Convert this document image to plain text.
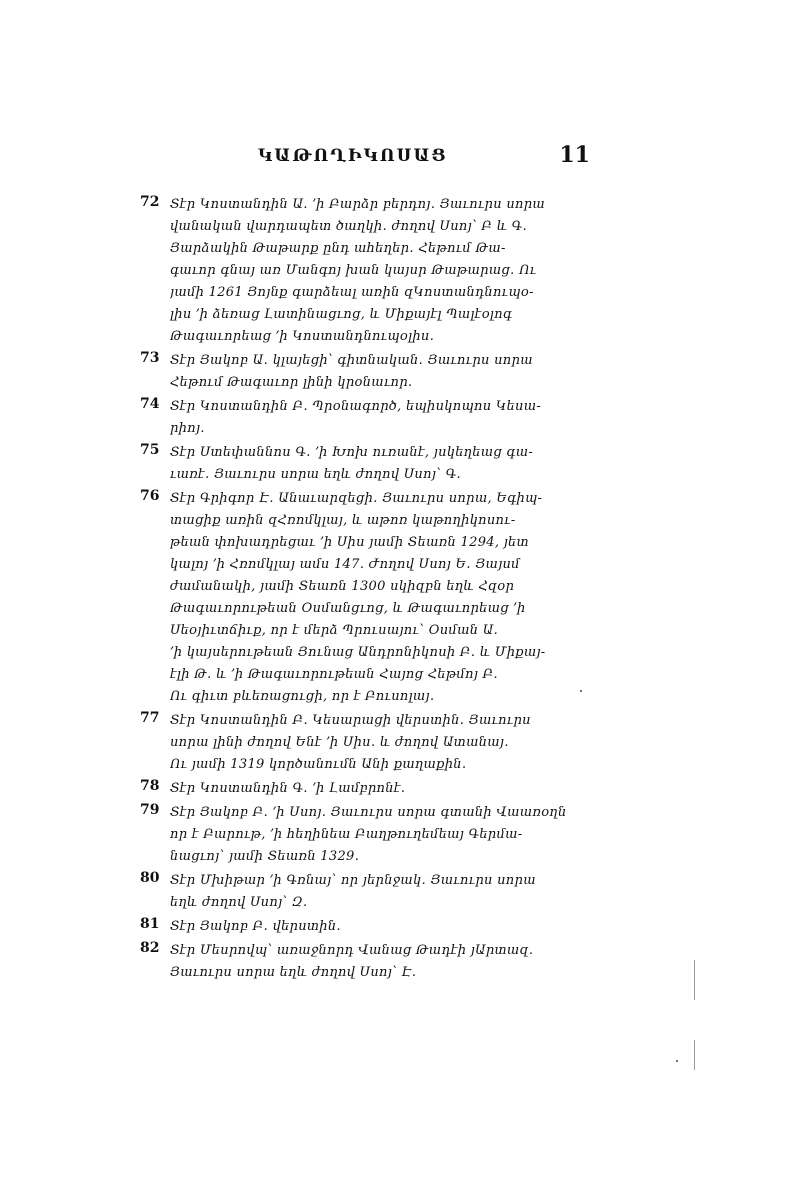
ԿԱԹՈՂԻԿՈՍԱՑ	11
72 Տէր Կոստանդին Ա․ ՚ի Բարձր բերդոյ․ Յաւուրս սորա
վանական վարդապետ ծաղկի․ ժողով Սսոյ՝ Բ և Գ․
Յարձակին Թաթարք ընդ ահեղեր․ Հեթում Թա-
գաւոր գնայ առ Մանգոյ խան կայսր Թաթարաց․ Ու
յամի 1261 Յոյնք գարձեալ առին զԿոստանդնուպօ-
լիս ՚ի ձեռաց Լատինացւոց, և Միքայէլ Պալէօլոգ
Թագաւորեաց ՚ի Կոստանդնուպօլիս․
73 Տէր Յակոբ Ա․ կլայեցի՝ գիտնական․ Յաւուրս սորա
Հեթում Թագաւոր լինի կրօնաւոր․
74 Տէր Կոստանդին Բ․ Պրօնագործ, եպիսկոպոս Կեսա-
րիոյ․
75 Տէր Ստեփաննոս Գ․ ՚ի Խոխ ուռանէ, յսկեղեաց գա-
ւառէ․ Յաւուրս սորա եղև ժողով Սսոյ՝ Գ․
76 Տէր Գրիգոր Է․ Անաւարզեցի․ Յաւուրս սորա, Եգիպ-
տացիք առին զՀռոմկլայ, և աթոռ կաթողիկոսու-
թեան փոխադրեցաւ ՚ի Սիս յամի Տեառն 1294, յետ
կալոյ ՚ի Հռոմկլայ ամս 147․ Ժողով Սսոյ Ե․ Յայսմ
ժամանակի, յամի Տեառն 1300 սկիզբն եղև Հզօր
Թագաւորութեան Օսմանցւոց, և Թագաւորեաց ՚ի
Սեօյիւտճիւք, որ է մերձ Պրուսայու՝ Օսման Ա․
՚ի կայսերութեան Յունաց Անդրոնիկոսի Բ․ և Միքայ-
էլի Թ․ և ՚ի Թագաւորութեան Հայոց Հեթմոյ Բ․
Ու գիւտ բևեռացուցի, որ է Բուսոլայ․
77 Տէր Կոստանդին Բ․ Կեսարացի վերստին․ Յաւուրս
սորա լինի ժողով Ենէ ՚ի Սիս․ և ժողով Ատանայ․
Ու յամի 1319 կործանումն Անի քաղաքին․
78 Տէր Կոստանդին Գ․ ՚ի Լամբրոնէ․
79 Տէր Յակոբ Բ․ ՚ի Սսոյ․ Յաւուրս սորա գտանի Վաառօղն
որ է Բարութ, ՚ի հեղինեա Բաղթուղեմեայ Գերմա-
նացւոյ՝ յամի Տեառն 1329․
80 Տէր Մխիթար ՚ի Գռնայ՝ որ յերնջակ․ Յաւուրս սորա
եղև ժողով Սսոյ՝ Զ․
81 Տէր Յակոբ Բ․ վերստին․
82 Տէր Մեսրովպ՝ առաջնորդ Վանաց Թադէի յԱրտազ․
Յաւուրս սորա եղև ժողով Սսոյ՝ Է․
